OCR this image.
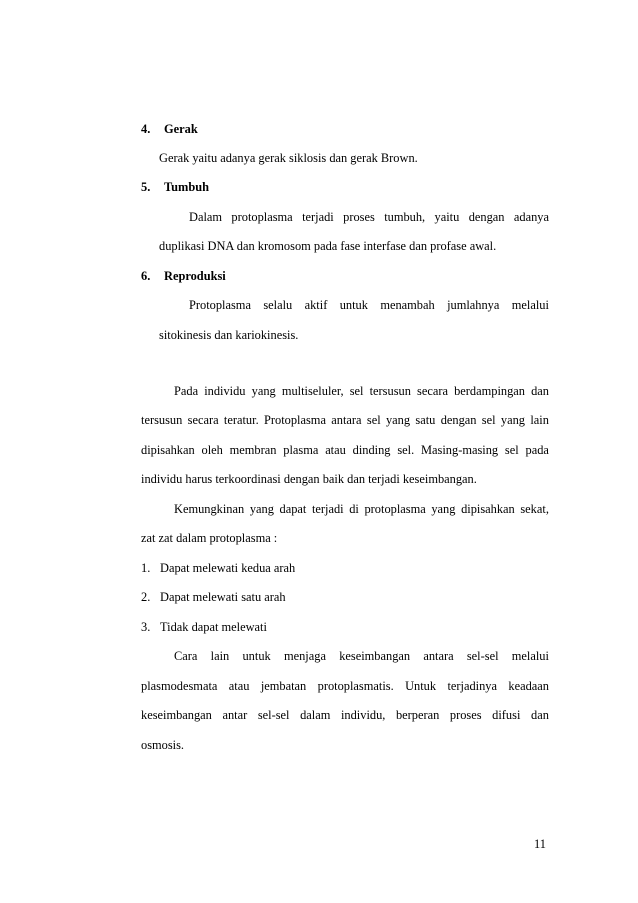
4. Gerak
Gerak yaitu adanya gerak siklosis dan gerak Brown.
5. Tumbuh
Dalam protoplasma terjadi proses tumbuh, yaitu dengan adanya
duplikasi DNA dan kromosom pada fase interfase dan profase awal.
6. Reproduksi
Protoplasma selalu aktif untuk menambah jumlahnya melalui
sitokinesis dan kariokinesis.
Pada individu yang multiseluler, sel tersusun secara berdampingan dan
tersusun secara teratur. Protoplasma antara sel yang satu dengan sel yang lain
dipisahkan oleh membran plasma atau dinding sel. Masing-masing sel pada
individu harus terkoordinasi dengan baik dan terjadi keseimbangan.
Kemungkinan yang dapat terjadi di protoplasma yang dipisahkan sekat,
zat zat dalam protoplasma :
1. Dapat melewati kedua arah
2. Dapat melewati satu arah
3. Tidak dapat melewati
Cara lain untuk menjaga keseimbangan antara sel-sel melalui
plasmodesmata atau jembatan protoplasmatis. Untuk terjadinya keadaan
keseimbangan antar sel-sel dalam individu, berperan proses difusi dan
osmosis.
11
